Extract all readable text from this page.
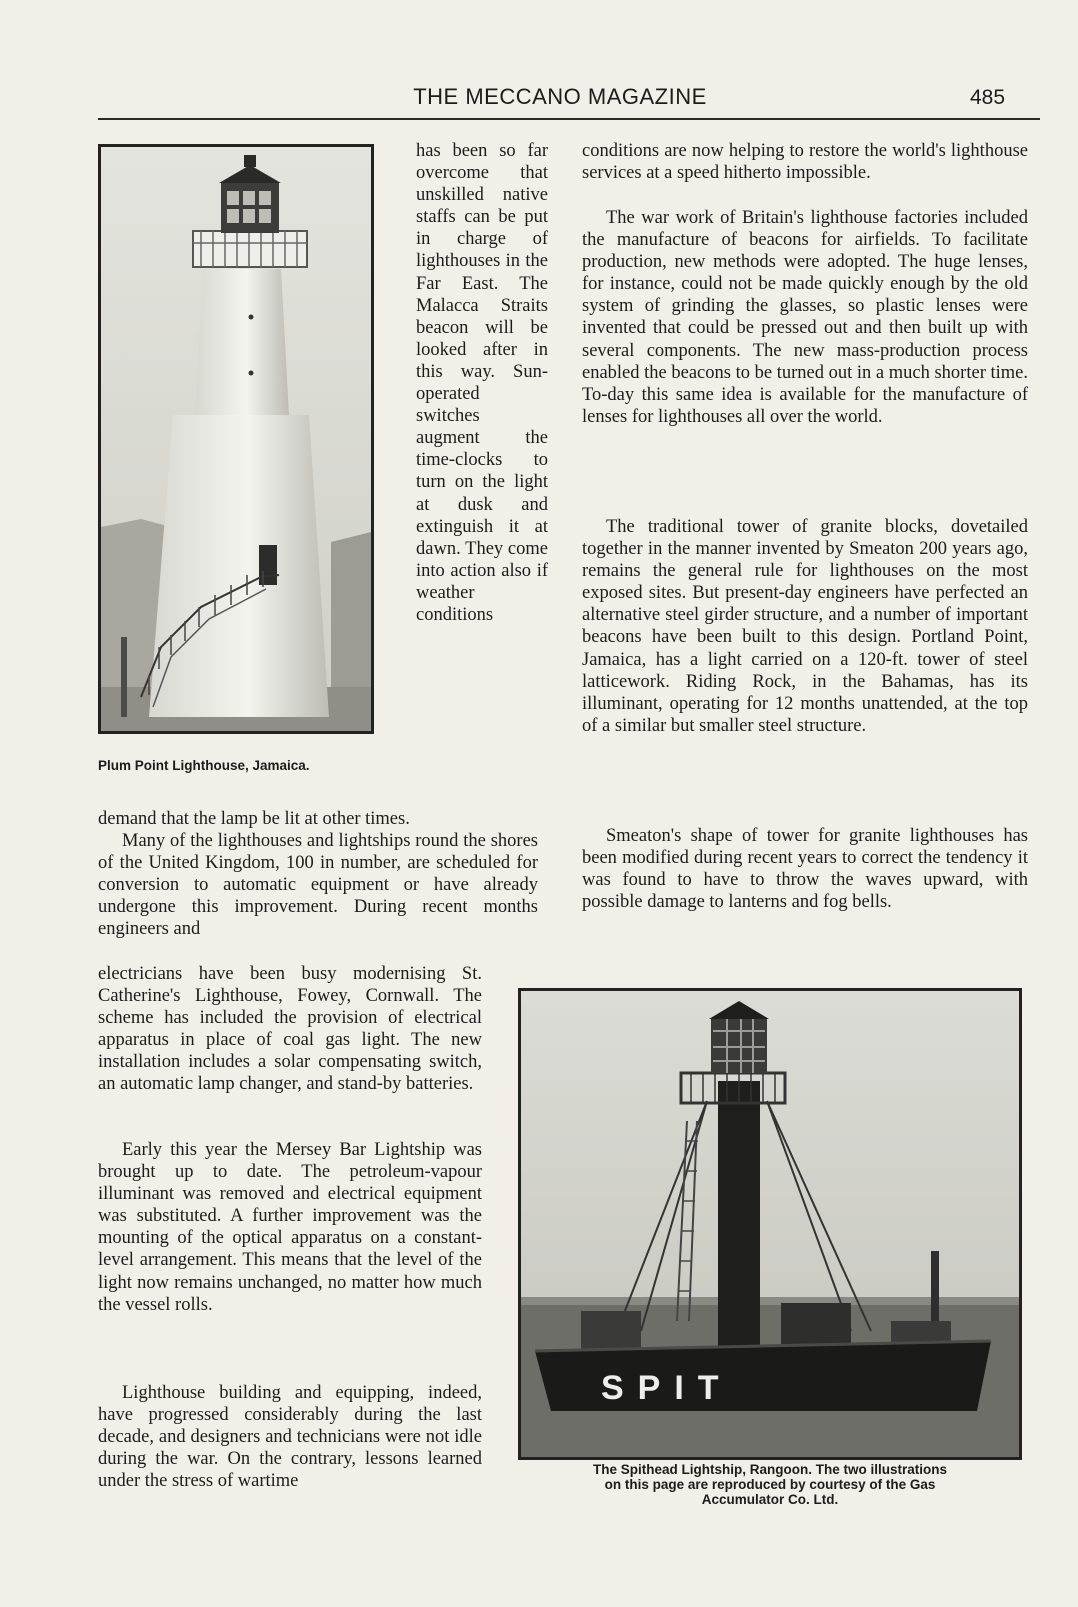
THE MECCANO MAGAZINE	485

Plum Point Lighthouse, Jamaica.

has been so far overcome that unskilled native staffs can be put in charge of lighthouses in the Far East. The Malacca Straits beacon will be looked after in this way. Sun-operated switches augment the time-clocks to turn on the light at dusk and extinguish it at dawn. They come into action also if weather conditions

demand that the lamp be lit at other times.

Many of the lighthouses and lightships round the shores of the United Kingdom, 100 in number, are scheduled for conversion to automatic equipment or have already undergone this improvement. During recent months engineers and

electricians have been busy modernising St. Catherine's Lighthouse, Fowey, Cornwall. The scheme has included the provision of electrical apparatus in place of coal gas light. The new installation includes a solar compensating switch, an automatic lamp changer, and stand-by batteries.

Early this year the Mersey Bar Lightship was brought up to date. The petroleum-vapour illuminant was removed and electrical equipment was substituted. A further improvement was the mounting of the optical apparatus on a constant-level arrangement. This means that the level of the light now remains unchanged, no matter how much the vessel rolls.

Lighthouse building and equipping, indeed, have progressed considerably during the last decade, and designers and technicians were not idle during the war. On the contrary, lessons learned under the stress of wartime

conditions are now helping to restore the world's lighthouse services at a speed hitherto impossible.

The war work of Britain's lighthouse factories included the manufacture of beacons for airfields. To facilitate production, new methods were adopted. The huge lenses, for instance, could not be made quickly enough by the old system of grinding the glasses, so plastic lenses were invented that could be pressed out and then built up with several components. The new mass-production process enabled the beacons to be turned out in a much shorter time. To-day this same idea is available for the manufacture of lenses for lighthouses all over the world.

The traditional tower of granite blocks, dovetailed together in the manner invented by Smeaton 200 years ago, remains the general rule for lighthouses on the most exposed sites. But present-day engineers have perfected an alternative steel girder structure, and a number of important beacons have been built to this design. Portland Point, Jamaica, has a light carried on a 120-ft. tower of steel latticework. Riding Rock, in the Bahamas, has its illuminant, operating for 12 months unattended, at the top of a similar but smaller steel structure.

Smeaton's shape of tower for granite lighthouses has been modified during recent years to correct the tendency it was found to have to throw the waves upward, with possible damage to lanterns and fog bells.

SPIT

The Spithead Lightship, Rangoon. The two illustrations

on this page are reproduced by courtesy of the Gas

Accumulator Co. Ltd.
